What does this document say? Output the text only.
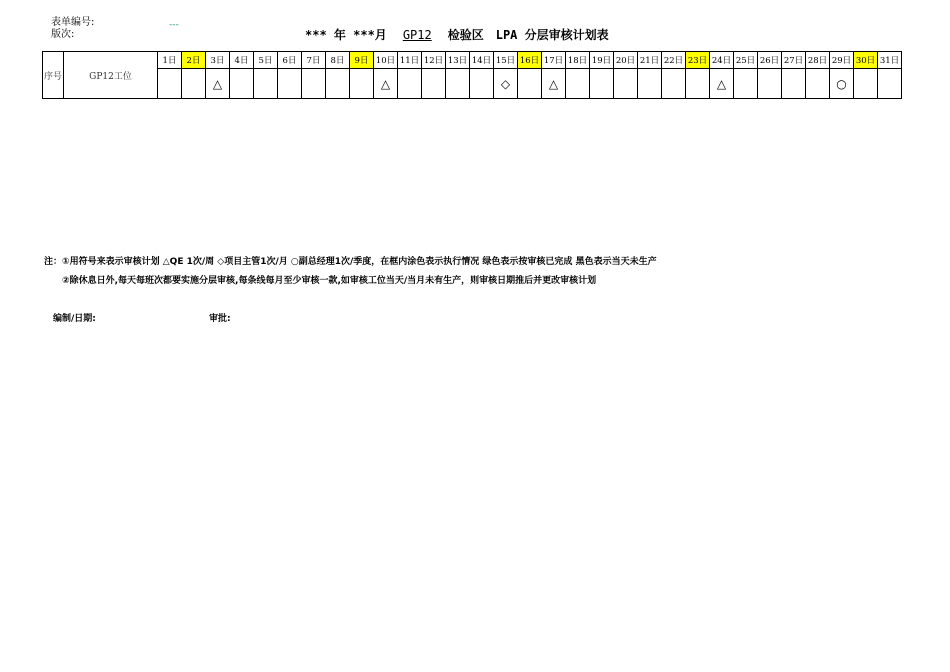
表单编号:
版次:
---
*** 年 ***月 GP12 检验区 LPA 分层审核计划表
序号	GP12工位	1日	2日	3日	4日	5日	6日	7日	8日	9日	10日	11日	12日	13日	14日	15日	16日	17日	18日	19日	20日	21日	22日	23日	24日	25日	26日	27日	28日	29日	30日	31日
				△							△					◇		△							△					○		
注：①用符号来表示审核计划 △QE 1次/周 ◇项目主管1次/月 ○副总经理1次/季度，在框内涂色表示执行情况 绿色表示按审核已完成 黑色表示当天未生产
②除休息日外,每天每班次都要实施分层审核,每条线每月至少审核一款,如审核工位当天/当月未有生产，则审核日期推后并更改审核计划
编制/日期:	审批:
